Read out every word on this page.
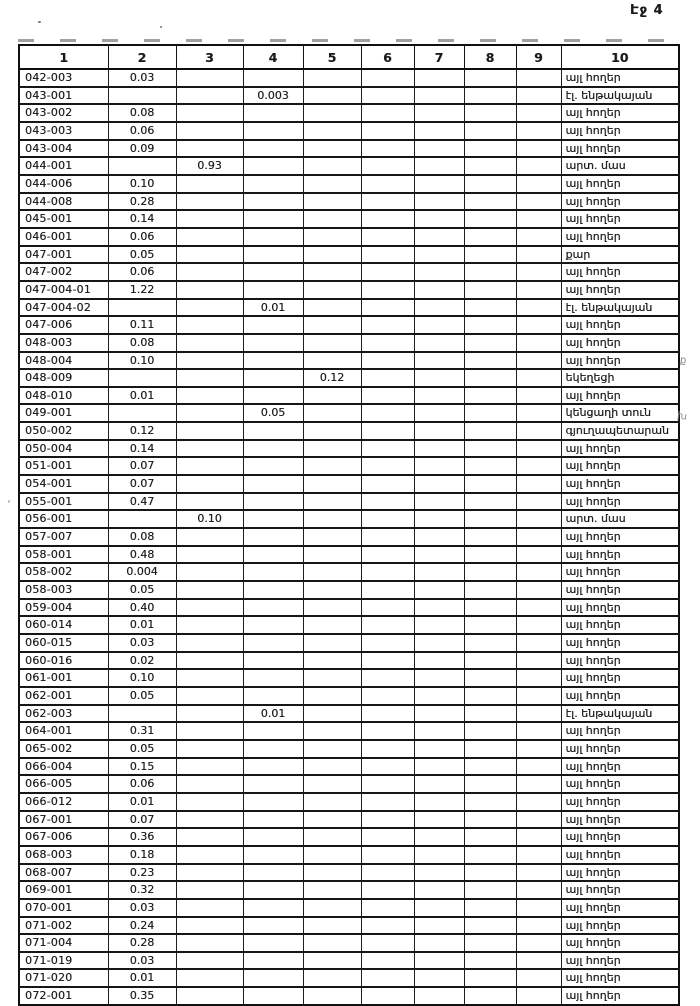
Էջ 4
1	2	3	4	5	6	7	8	9	10
042-003	0.03								այլ հողեր
043-001			0.003						էլ. ենթակայան
043-002	0.08								այլ հողեր
043-003	0.06								այլ հողեր
043-004	0.09								այլ հողեր
044-001		0.93							արտ. մաս
044-006	0.10								այլ հողեր
044-008	0.28								այլ հողեր
045-001	0.14								այլ հողեր
046-001	0.06								այլ հողեր
047-001	0.05								քար
047-002	0.06								այլ հողեր
047-004-01	1.22								այլ հողեր
047-004-02			0.01						էլ. ենթակայան
047-006	0.11								այլ հողեր
048-003	0.08								այլ հողեր
048-004	0.10								այլ հողեր
048-009				0.12					եկեղեցի
048-010	0.01								այլ հողեր
049-001			0.05						կենցաղի տուն
050-002	0.12								գյուղապետարան
050-004	0.14								այլ հողեր
051-001	0.07								այլ հողեր
054-001	0.07								այլ հողեր
055-001	0.47								այլ հողեր
056-001		0.10							արտ. մաս
057-007	0.08								այլ հողեր
058-001	0.48								այլ հողեր
058-002	0.004								այլ հողեր
058-003	0.05								այլ հողեր
059-004	0.40								այլ հողեր
060-014	0.01								այլ հողեր
060-015	0.03								այլ հողեր
060-016	0.02								այլ հողեր
061-001	0.10								այլ հողեր
062-001	0.05								այլ հողեր
062-003			0.01						էլ. ենթակայան
064-001	0.31								այլ հողեր
065-002	0.05								այլ հողեր
066-004	0.15								այլ հողեր
066-005	0.06								այլ հողեր
066-012	0.01								այլ հողեր
067-001	0.07								այլ հողեր
067-006	0.36								այլ հողեր
068-003	0.18								այլ հողեր
068-007	0.23								այլ հողեր
069-001	0.32								այլ հողեր
070-001	0.03								այլ հողեր
071-002	0.24								այլ հողեր
071-004	0.28								այլ հողեր
071-019	0.03								այլ հողեր
071-020	0.01								այլ հողեր
072-001	0.35								այլ հողեր
ք
խ
